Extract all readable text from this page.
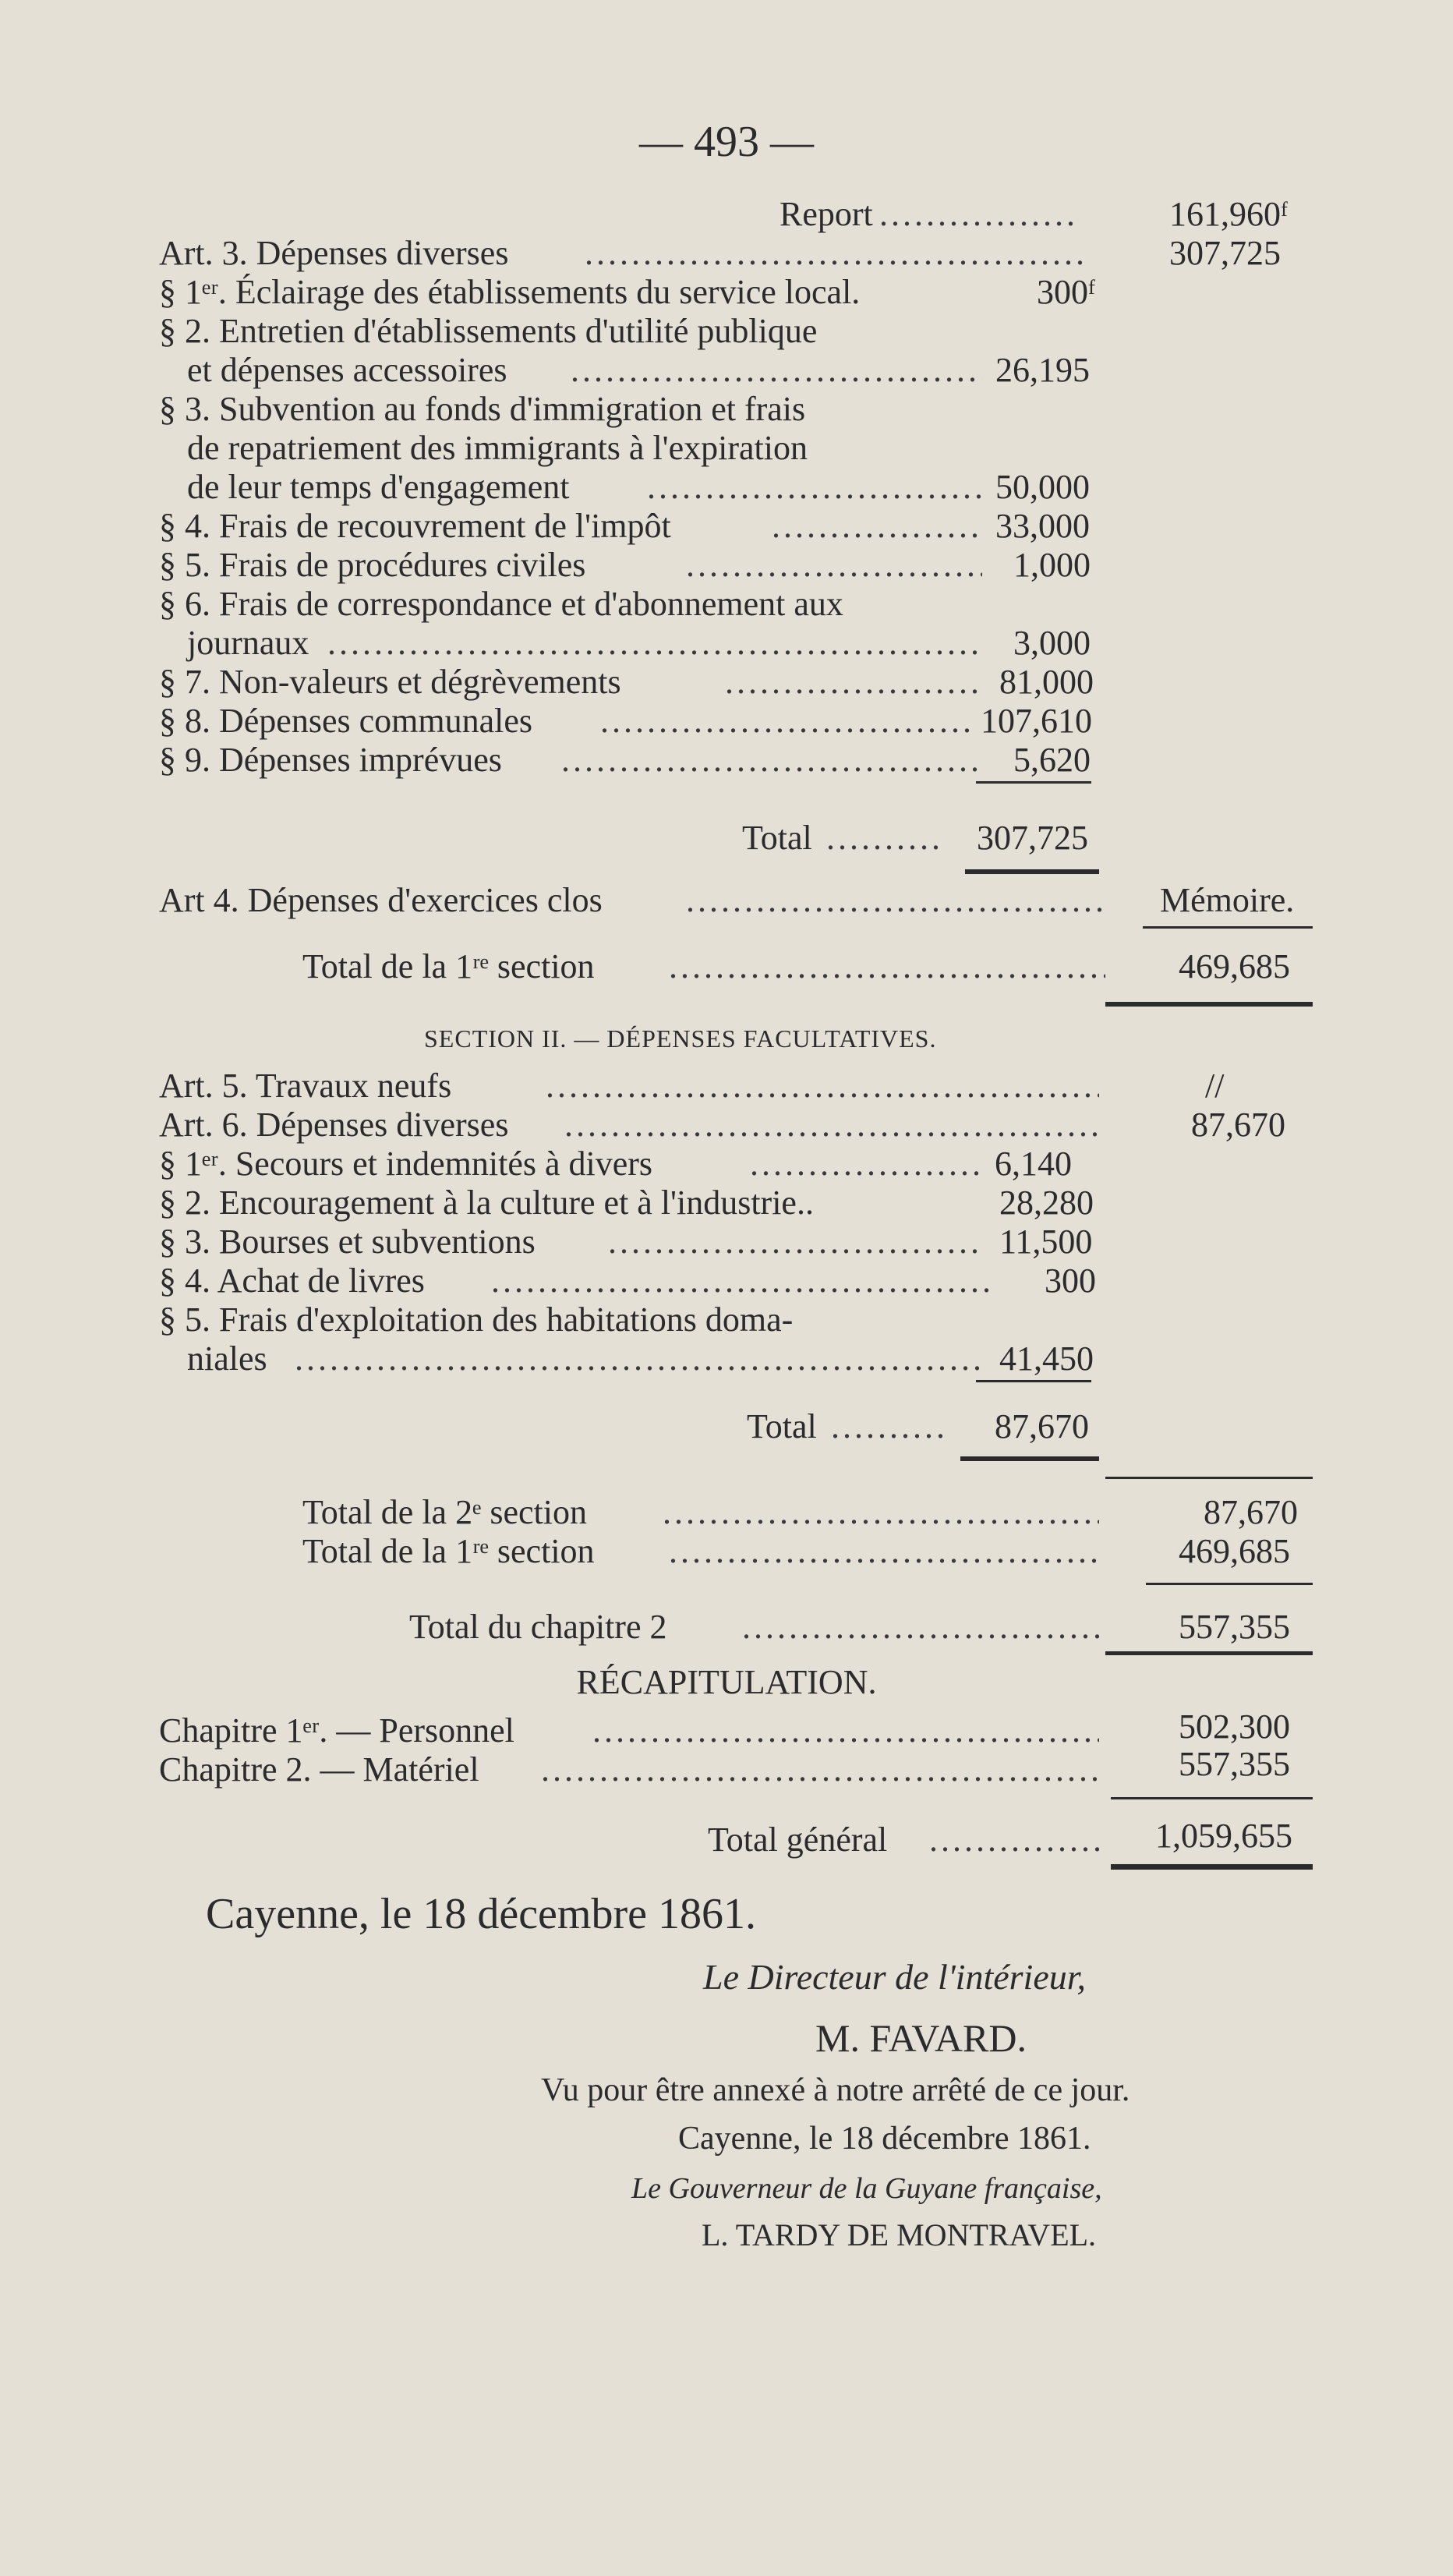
— 493 —
Report .....	161,960ᶠ
Art. 3. Dépenses diverses .....	307,725
§ 1ᵉʳ. Éclairage des établissements du service local.	300ᶠ
§ 2. Entretien d'établissements d'utilité publique
et dépenses accessoires .....	26,195
§ 3. Subvention au fonds d'immigration et frais
de repatriement des immigrants à l'expiration
de leur temps d'engagement .....	50,000
§ 4. Frais de recouvrement de l'impôt .....	33,000
§ 5. Frais de procédures civiles .....	1,000
§ 6. Frais de correspondance et d'abonnement aux
journaux .....	3,000
§ 7. Non-valeurs et dégrèvements .....	81,000
§ 8. Dépenses communales .....	107,610
§ 9. Dépenses imprévues .....	5,620
Total .....	307,725
Art 4. Dépenses d'exercices clos .....	Mémoire.
Total de la 1ʳᵉ section .....	469,685
SECTION II. — DÉPENSES FACULTATIVES.
Art. 5. Travaux neufs .....	//
Art. 6. Dépenses diverses .....	87,670
§ 1ᵉʳ. Secours et indemnités à divers .....	6,140
§ 2. Encouragement à la culture et à l'industrie..	28,280
§ 3. Bourses et subventions .....	11,500
§ 4. Achat de livres .....	300
§ 5. Frais d'exploitation des habitations doma-
niales .....	41,450
Total .....	87,670
Total de la 2ᵉ section .....	87,670
Total de la 1ʳᵉ section .....	469,685
Total du chapitre 2 .....	557,355
RÉCAPITULATION.
Chapitre 1ᵉʳ. — Personnel .....	502,300
Chapitre 2. — Matériel .....	557,355
Total général .....	1,059,655
Cayenne, le 18 décembre 1861.
Le Directeur de l'intérieur,
M. FAVARD.
Vu pour être annexé à notre arrêté de ce jour.
Cayenne, le 18 décembre 1861.
Le Gouverneur de la Guyane française,
L. TARDY DE MONTRAVEL.
